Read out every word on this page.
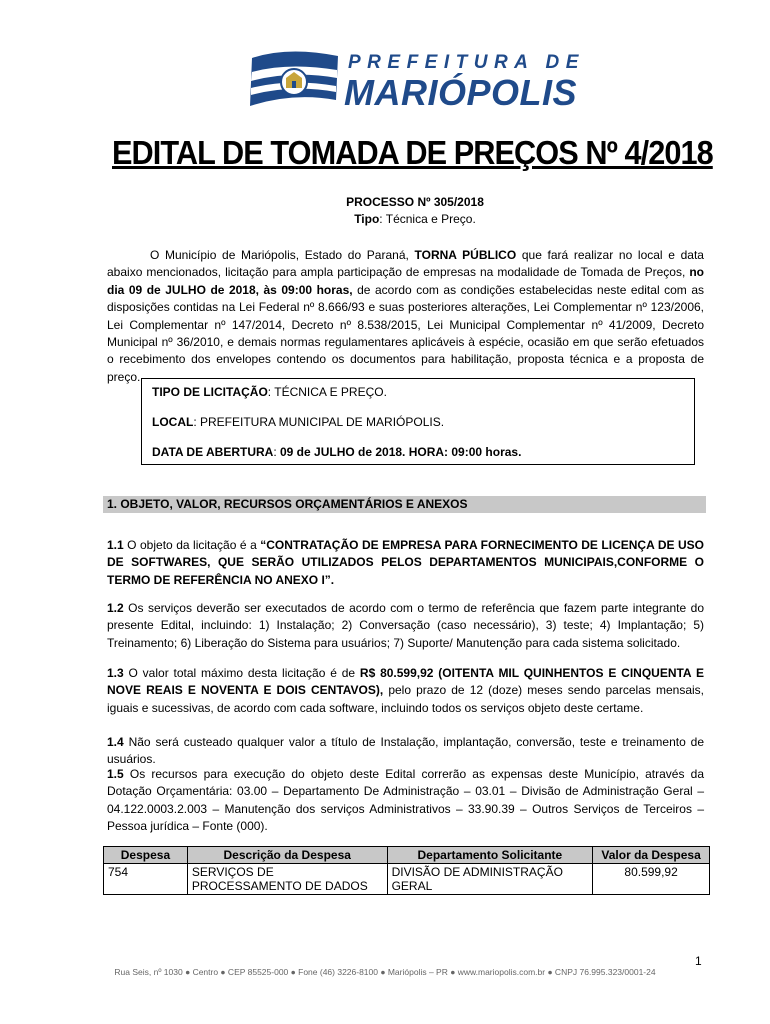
PREFEITURA DE
MARIÓPOLIS
EDITAL DE TOMADA DE PREÇOS Nº 4/2018
PROCESSO Nº 305/2018
Tipo: Técnica e Preço.
O Município de Mariópolis, Estado do Paraná, TORNA PÚBLICO que fará realizar no local e data abaixo mencionados, licitação para ampla participação de empresas na modalidade de Tomada de Preços, no dia 09 de JULHO de 2018, às 09:00 horas, de acordo com as condições estabelecidas neste edital com as disposições contidas na Lei Federal nº 8.666/93 e suas posteriores alterações, Lei Complementar nº 123/2006, Lei Complementar nº 147/2014, Decreto nº 8.538/2015, Lei Municipal Complementar nº 41/2009, Decreto Municipal nº 36/2010, e demais normas regulamentares aplicáveis à espécie, ocasião em que serão efetuados o recebimento dos envelopes contendo os documentos para habilitação, proposta técnica e a proposta de preço.
TIPO DE LICITAÇÃO: TÉCNICA E PREÇO.
LOCAL: PREFEITURA MUNICIPAL DE MARIÓPOLIS.
DATA DE ABERTURA: 09 de JULHO de 2018. HORA: 09:00 horas.
1. OBJETO, VALOR, RECURSOS ORÇAMENTÁRIOS E ANEXOS
1.1 O objeto da licitação é a “CONTRATAÇÃO DE EMPRESA PARA FORNECIMENTO DE LICENÇA DE USO DE SOFTWARES, QUE SERÃO UTILIZADOS PELOS DEPARTAMENTOS MUNICIPAIS,CONFORME O TERMO DE REFERÊNCIA NO ANEXO I”.
1.2 Os serviços deverão ser executados de acordo com o termo de referência que fazem parte integrante do presente Edital, incluindo: 1) Instalação; 2) Conversação (caso necessário), 3) teste; 4) Implantação; 5) Treinamento; 6) Liberação do Sistema para usuários; 7) Suporte/ Manutenção para cada sistema solicitado.
1.3 O valor total máximo desta licitação é de R$ 80.599,92 (OITENTA MIL QUINHENTOS E CINQUENTA E NOVE REAIS E NOVENTA E DOIS CENTAVOS), pelo prazo de 12 (doze) meses sendo parcelas mensais, iguais e sucessivas, de acordo com cada software, incluindo todos os serviços objeto deste certame.
1.4 Não será custeado qualquer valor a título de Instalação, implantação, conversão, teste e treinamento de usuários.
1.5 Os recursos para execução do objeto deste Edital correrão as expensas deste Município, através da Dotação Orçamentária: 03.00 – Departamento De Administração – 03.01 – Divisão de Administração Geral – 04.122.0003.2.003 – Manutenção dos serviços Administrativos – 33.90.39 – Outros Serviços de Terceiros – Pessoa jurídica – Fonte (000).
Despesa	Descrição da Despesa	Departamento Solicitante	Valor da Despesa
754	SERVIÇOS DE PROCESSAMENTO DE DADOS	DIVISÃO DE ADMINISTRAÇÃO GERAL	80.599,92
1
Rua Seis, nº 1030 ● Centro ● CEP 85525-000 ● Fone (46) 3226-8100 ● Mariópolis – PR ● www.mariopolis.com.br ● CNPJ 76.995.323/0001-24
